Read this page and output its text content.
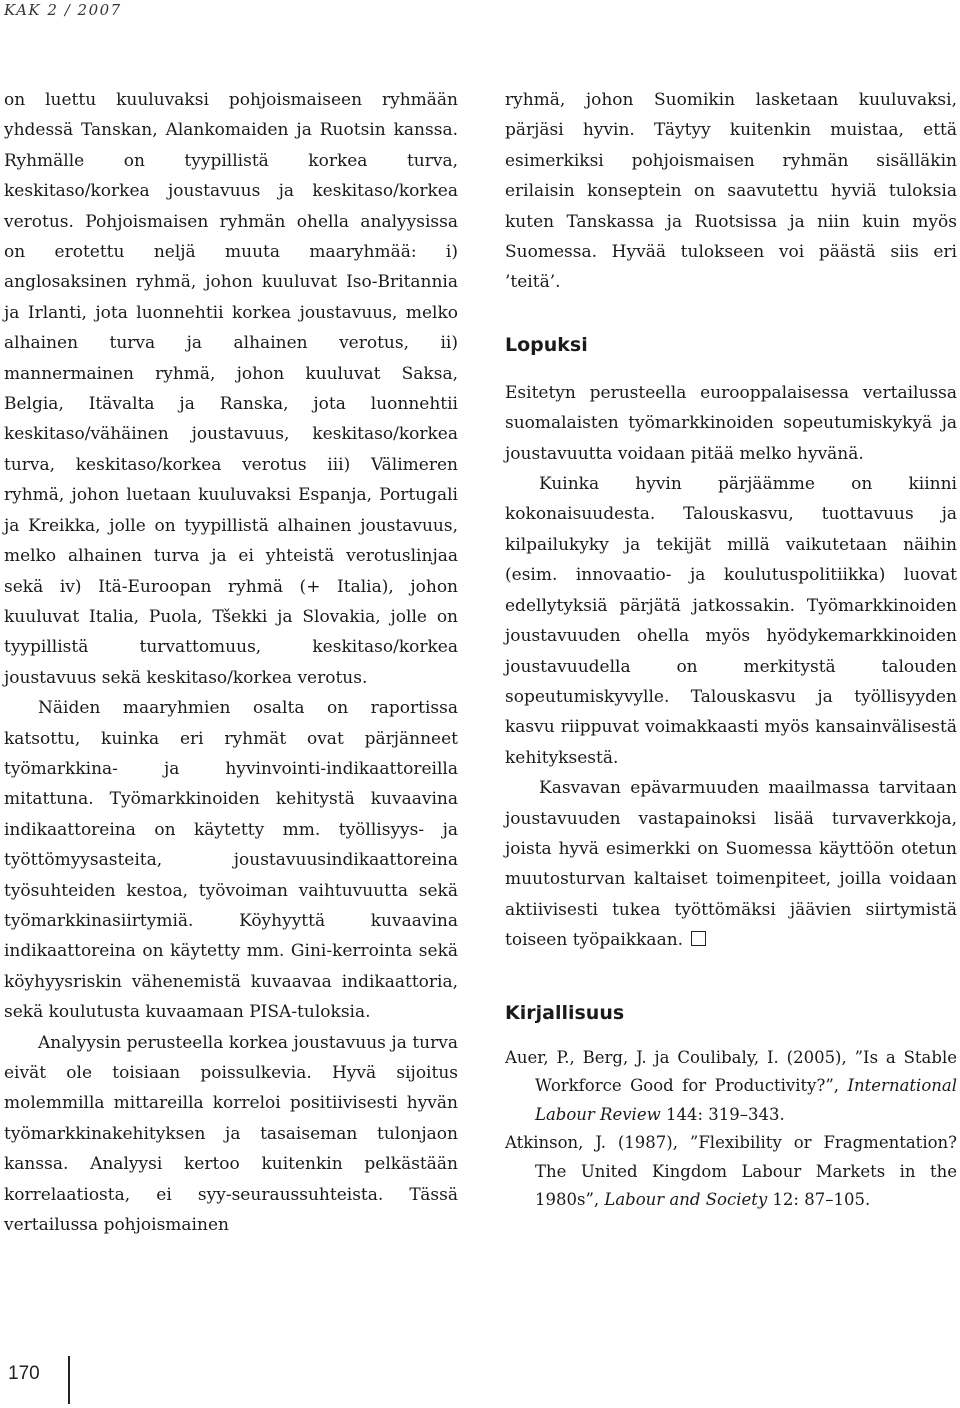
KAK 2 / 2007

on luettu kuuluvaksi pohjoismaiseen ryhmään yhdessä Tanskan, Alankomaiden ja Ruotsin kanssa. Ryhmälle on tyypillistä korkea turva, keskitaso/korkea joustavuus ja keskitaso/korkea verotus. Pohjoismaisen ryhmän ohella analyysissa on erotettu neljä muuta maaryhmää: i) anglosaksinen ryhmä, johon kuuluvat Iso-Britannia ja Irlanti, jota luonnehtii korkea joustavuus, melko alhainen turva ja alhainen verotus, ii) mannermainen ryhmä, johon kuuluvat Saksa, Belgia, Itävalta ja Ranska, jota luonnehtii keskitaso/vähäinen joustavuus, keskitaso/korkea turva, keskitaso/korkea verotus iii) Välimeren ryhmä, johon luetaan kuuluvaksi Espanja, Portugali ja Kreikka, jolle on tyypillistä alhainen joustavuus, melko alhainen turva ja ei yhteistä verotuslinjaa sekä iv) Itä-Euroopan ryhmä (+ Italia), johon kuuluvat Italia, Puola, Tšekki ja Slovakia, jolle on tyypillistä turvattomuus, keskitaso/korkea joustavuus sekä keskitaso/korkea verotus.

Näiden maaryhmien osalta on raportissa katsottu, kuinka eri ryhmät ovat pärjänneet työmarkkina- ja hyvinvointi-indikaattoreilla mitattuna. Työmarkkinoiden kehitystä kuvaavina indikaattoreina on käytetty mm. työllisyys- ja työttömyysasteita, joustavuusindikaattoreina työsuhteiden kestoa, työvoiman vaihtuvuutta sekä työmarkkinasiirtymiä. Köyhyyttä kuvaavina indikaattoreina on käytetty mm. Gini-kerrointa sekä köyhyysriskin vähenemistä kuvaavaa indikaattoria, sekä koulutusta kuvaamaan PISA-tuloksia.

Analyysin perusteella korkea joustavuus ja turva eivät ole toisiaan poissulkevia. Hyvä sijoitus molemmilla mittareilla korreloi positiivisesti hyvän työmarkkinakehityksen ja tasaiseman tulonjaon kanssa. Analyysi kertoo kuitenkin pelkästään korrelaatiosta, ei syy-seuraussuhteista. Tässä vertailussa pohjoismainen

ryhmä, johon Suomikin lasketaan kuuluvaksi, pärjäsi hyvin. Täytyy kuitenkin muistaa, että esimerkiksi pohjoismaisen ryhmän sisälläkin erilaisin konseptein on saavutettu hyviä tuloksia kuten Tanskassa ja Ruotsissa ja niin kuin myös Suomessa. Hyvää tulokseen voi päästä siis eri ’teitä’.

Lopuksi

Esitetyn perusteella eurooppalaisessa vertailussa suomalaisten työmarkkinoiden sopeutumiskykyä ja joustavuutta voidaan pitää melko hyvänä.

Kuinka hyvin pärjäämme on kiinni kokonaisuudesta. Talouskasvu, tuottavuus ja kilpailukyky ja tekijät millä vaikutetaan näihin (esim. innovaatio- ja koulutuspolitiikka) luovat edellytyksiä pärjätä jatkossakin. Työmarkkinoiden joustavuuden ohella myös hyödykemarkkinoiden joustavuudella on merkitystä talouden sopeutumiskyvylle. Talouskasvu ja työllisyyden kasvu riippuvat voimakkaasti myös kansainvälisestä kehityksestä.

Kasvavan epävarmuuden maailmassa tarvitaan joustavuuden vastapainoksi lisää turvaverkkoja, joista hyvä esimerkki on Suomessa käyttöön otetun muutosturvan kaltaiset toimenpiteet, joilla voidaan aktiivisesti tukea työttömäksi jäävien siirtymistä toiseen työpaikkaan.

Kirjallisuus

Auer, P., Berg, J. ja Coulibaly, I. (2005), ”Is a Stable Workforce Good for Productivity?”, International Labour Review 144: 319–343.

Atkinson, J. (1987), ”Flexibility or Fragmentation? The United Kingdom Labour Markets in the 1980s”, Labour and Society 12: 87–105.

170
